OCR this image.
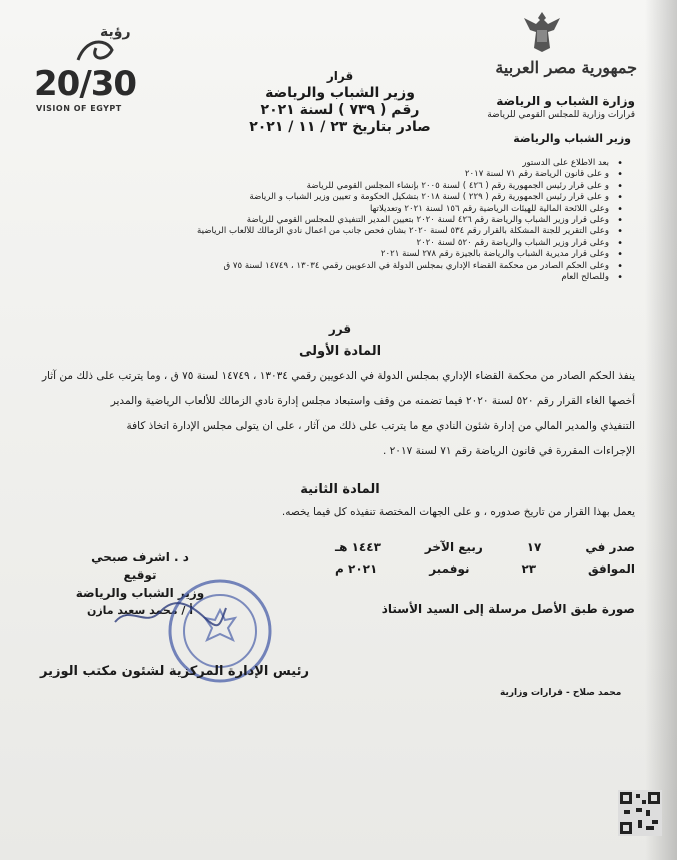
رؤية
20/30
VISION OF EGYPT
جمهورية مصر العربية
وزارة الشباب و الرياضة
قرارات وزارية للمجلس القومي للرياضة
وزير الشباب والرياضة
قرار
وزير الشباب والرياضة
رقم ( ٧٣٩ ) لسنة ٢٠٢١
صادر بتاريخ ٢٣ / ١١ / ٢٠٢١
• بعد الاطلاع على الدستور
• و على قانون الرياضة رقم ٧١ لسنة ٢٠١٧
• و على قرار رئيس الجمهورية رقم ( ٤٢٦ ) لسنة ٢٠٠٥ بإنشاء المجلس القومي للرياضة
• و على قرار رئيس الجمهورية رقم ( ٢٢٩ ) لسنة ٢٠١٨ بتشكيل الحكومة و تعيين وزير الشباب و الرياضة
• وعلى اللائحة المالية للهيئات الرياضية رقم ١٥٦ لسنة ٢٠٢١ وتعديلاتها
• وعلى قرار وزير الشباب والرياضة رقم ٤٢٦ لسنة ٢٠٢٠ بتعيين المدير التنفيذي للمجلس القومي للرياضة
• وعلى التقرير للجنة المشكلة بالقرار رقم ٥٣٤ لسنة ٢٠٢٠ بشأن فحص جانب من أعمال نادي الزمالك للألعاب الرياضية
• وعلى قرار وزير الشباب والرياضة رقم ٥٢٠ لسنة ٢٠٢٠
• وعلى قرار مديرية الشباب والرياضة بالجيزة رقم ٢٧٨ لسنة ٢٠٢١
• وعلى الحكم الصادر من محكمة القضاء الإداري بمجلس الدولة في الدعويين رقمي ١٣٠٣٤ ، ١٤٧٤٩ لسنة ٧٥ ق
• وللصالح العام
قرر
المادة الأولى

ينفذ الحكم الصادر من محكمة القضاء الإداري بمجلس الدولة في الدعويين رقمي ١٣٠٣٤ ، ١٤٧٤٩ لسنة ٧٥ ق ، وما يترتب على ذلك من آثار

أخصها الغاء القرار رقم ٥٢٠ لسنة ٢٠٢٠ فيما تضمنه من وقف واستبعاد مجلس إدارة نادي الزمالك للألعاب الرياضية والمدير

التنفيذي والمدير المالي من إدارة شئون النادي مع ما يترتب على ذلك من آثار ، على ان يتولى مجلس الإدارة اتخاذ كافة

الإجراءات المقررة في قانون الرياضة رقم ٧١ لسنة ٢٠١٧ .

المادة الثانية

يعمل بهذا القرار من تاريخ صدوره ، و على الجهات المختصة تنفيذه كل فيما يخصه.

صدر في
١٧
ربيع الآخر
١٤٤٣ هـ
الموافق
٢٣
نوفمبر
٢٠٢١ م
د . اشرف صبحي
توقيع
وزير الشباب والرياضة
أ / محمد سعيد مازن	صورة طبق الأصل مرسلة إلى السيد الأستاذ
رئيس الإدارة المركزية لشئون مكتب الوزير
محمد صلاح - قرارات وزارية
